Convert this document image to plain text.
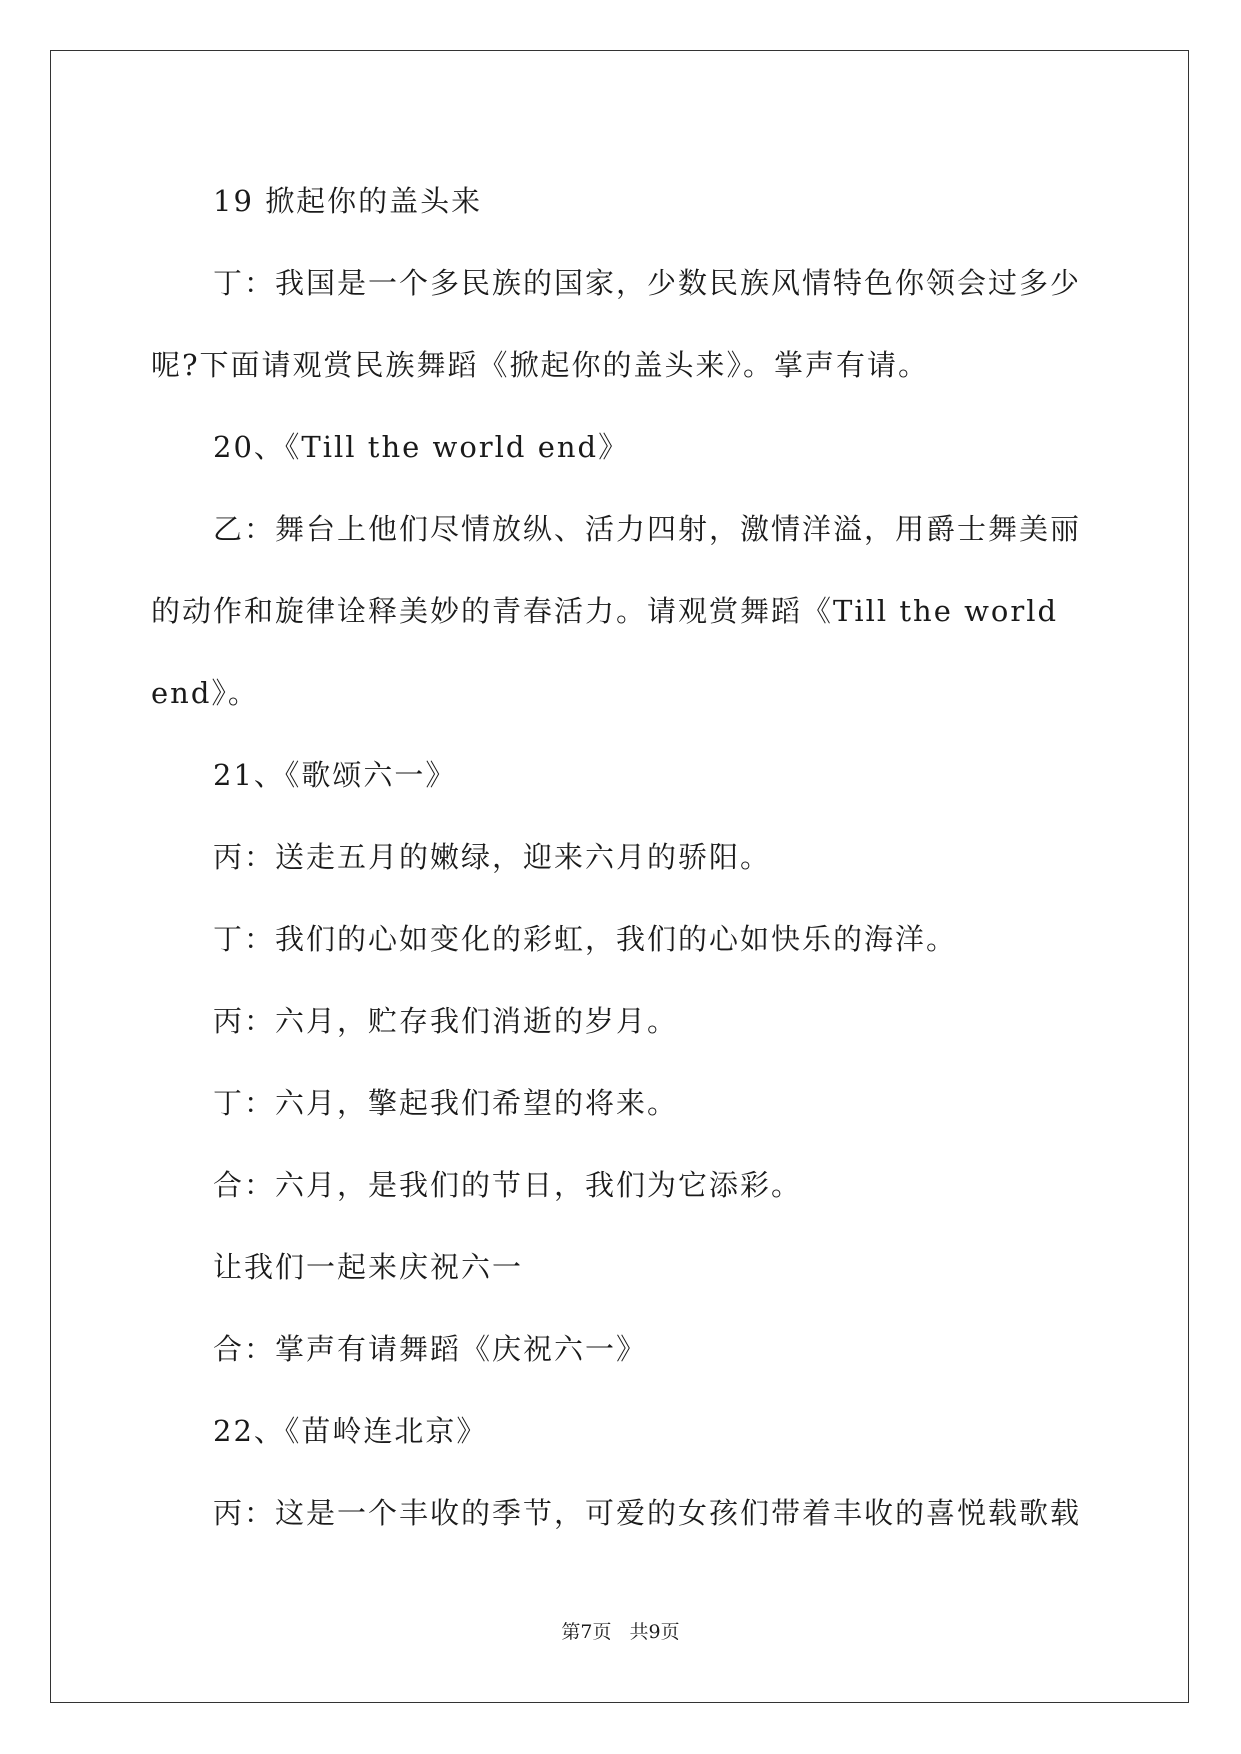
19 掀起你的盖头来

丁：我国是一个多民族的国家，少数民族风情特色你领会过多少

呢?下面请观赏民族舞蹈《掀起你的盖头来》。掌声有请。

20、《Till the world end》

乙：舞台上他们尽情放纵、活力四射，激情洋溢，用爵士舞美丽

的动作和旋律诠释美妙的青春活力。请观赏舞蹈《Till the world

end》。

21、《歌颂六一》

丙：送走五月的嫩绿，迎来六月的骄阳。

丁：我们的心如变化的彩虹，我们的心如快乐的海洋。

丙：六月，贮存我们消逝的岁月。

丁：六月，擎起我们希望的将来。

合：六月，是我们的节日，我们为它添彩。

让我们一起来庆祝六一

合：掌声有请舞蹈《庆祝六一》

22、《苗岭连北京》

丙：这是一个丰收的季节，可爱的女孩们带着丰收的喜悦载歌载

第7页 共9页
